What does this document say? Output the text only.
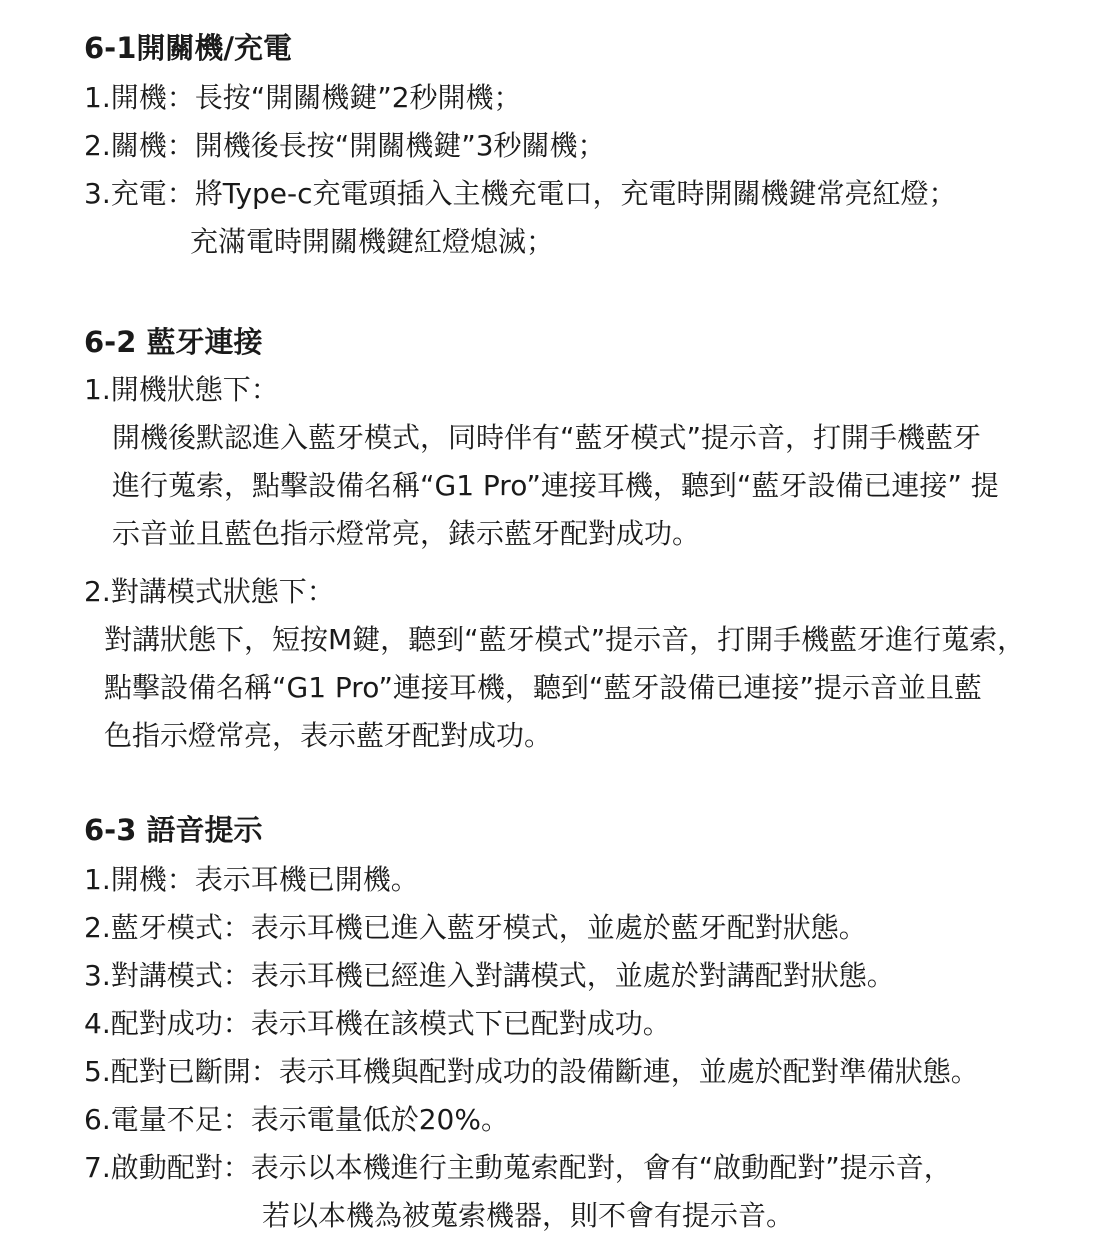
6-1開關機/充電
1.開機：長按“開關機鍵”2秒開機；
2.關機：開機後長按“開關機鍵”3秒關機；
3.充電：將Type-c充電頭插入主機充電口，充電時開關機鍵常亮紅燈；
充滿電時開關機鍵紅燈熄滅；
6-2 藍牙連接
1.開機狀態下：
開機後默認進入藍牙模式，同時伴有“藍牙模式”提示音，打開手機藍牙
進行蒐索，點擊設備名稱“G1 Pro”連接耳機，聽到“藍牙設備已連接” 提
示音並且藍色指示燈常亮，錶示藍牙配對成功。
2.對講模式狀態下：
對講狀態下，短按M鍵，聽到“藍牙模式”提示音，打開手機藍牙進行蒐索，
點擊設備名稱“G1 Pro”連接耳機，聽到“藍牙設備已連接”提示音並且藍
色指示燈常亮，表示藍牙配對成功。
6-3 語音提示
1.開機：表示耳機已開機。
2.藍牙模式：表示耳機已進入藍牙模式，並處於藍牙配對狀態。
3.對講模式：表示耳機已經進入對講模式，並處於對講配對狀態。
4.配對成功：表示耳機在該模式下已配對成功。
5.配對已斷開：表示耳機與配對成功的設備斷連，並處於配對準備狀態。
6.電量不足：表示電量低於20%。
7.啟動配對：表示以本機進行主動蒐索配對，會有“啟動配對”提示音，
若以本機為被蒐索機器，則不會有提示音。
